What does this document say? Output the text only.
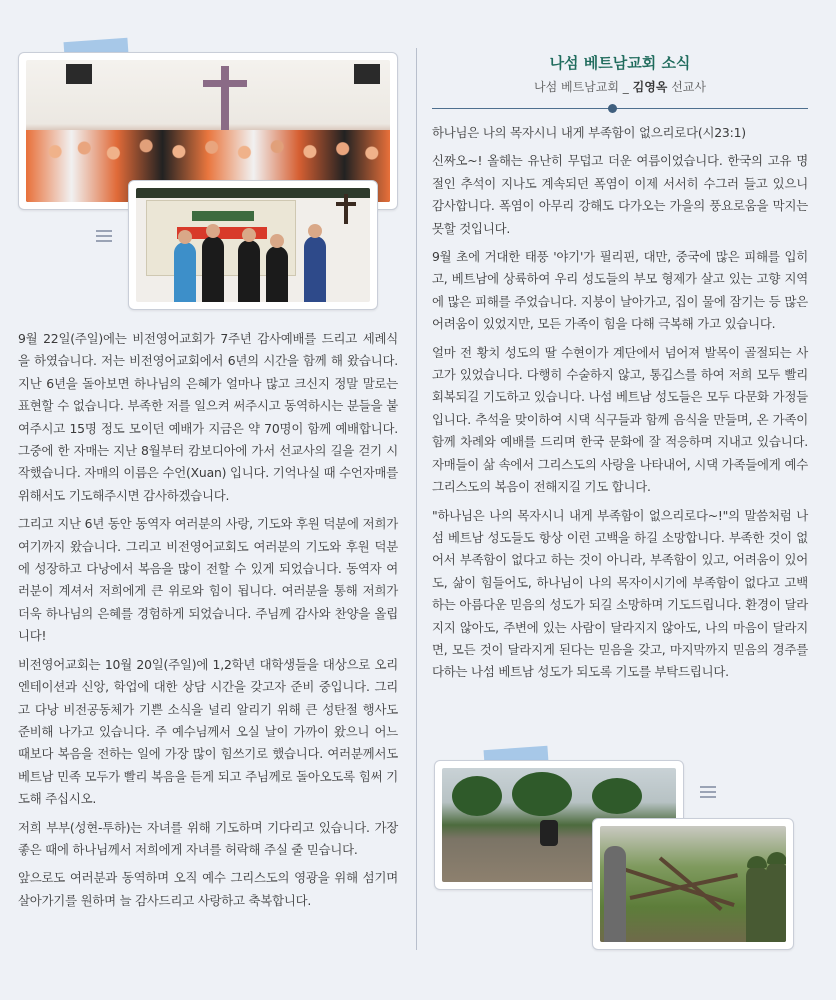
9월 22일(주일)에는 비전영어교회가 7주년 감사예배를 드리고 세례식을 하였습니다. 저는 비전영어교회에서 6년의 시간을 함께 해 왔습니다. 지난 6년을 돌아보면 하나님의 은혜가 얼마나 많고 크신지 정말 말로는 표현할 수 없습니다. 부족한 저를 일으켜 써주시고 동역하시는 분들을 붙여주시고 15명 정도 모이던 예배가 지금은 약 70명이 함께 예배합니다. 그중에 한 자매는 지난 8월부터 캄보디아에 가서 선교사의 길을 걷기 시작했습니다. 자매의 이름은 수언(Xuan) 입니다. 기억나실 때 수언자매를 위해서도 기도해주시면 감사하겠습니다.

그리고 지난 6년 동안 동역자 여러분의 사랑, 기도와 후원 덕분에 저희가 여기까지 왔습니다. 그리고 비전영어교회도 여러분의 기도와 후원 덕분에 성장하고 다낭에서 복음을 많이 전할 수 있게 되었습니다. 동역자 여러분이 계셔서 저희에게 큰 위로와 힘이 됩니다. 여러분을 통해 저희가 더욱 하나님의 은혜를 경험하게 되었습니다. 주님께 감사와 찬양을 올립니다!

비전영어교회는 10월 20일(주일)에 1,2학년 대학생들을 대상으로 오리엔테이션과 신앙, 학업에 대한 상담 시간을 갖고자 준비 중입니다. 그리고 다낭 비전공동체가 기쁜 소식을 널리 알리기 위해 큰 성탄절 행사도 준비해 나가고 있습니다. 주 예수님께서 오실 날이 가까이 왔으니 어느 때보다 복음을 전하는 일에 가장 많이 힘쓰기로 했습니다. 여러분께서도 베트남 민족 모두가 빨리 복음을 듣게 되고 주님께로 돌아오도록 힘써 기도해 주십시오.

저희 부부(성현-투하)는 자녀를 위해 기도하며 기다리고 있습니다. 가장 좋은 때에 하나님께서 저희에게 자녀를 허락해 주실 줄 믿습니다.

앞으로도 여러분과 동역하며 오직 예수 그리스도의 영광을 위해 섬기며 살아가기를 원하며 늘 감사드리고 사랑하고 축복합니다.

나섬 베트남교회 소식
나섬 베트남교회 _ 김영옥 선교사

하나님은 나의 목자시니 내게 부족함이 없으리로다(시23:1)

신짜오~! 올해는 유난히 무덥고 더운 여름이었습니다. 한국의 고유 명절인 추석이 지나도 계속되던 폭염이 이제 서서히 수그러 들고 있으니 감사합니다. 폭염이 아무리 강해도 다가오는 가을의 풍요로움을 막지는 못할 것입니다.

9월 초에 거대한 태풍 '야기'가 필리핀, 대만, 중국에 많은 피해를 입히고, 베트남에 상륙하여 우리 성도들의 부모 형제가 살고 있는 고향 지역에 많은 피해를 주었습니다. 지붕이 날아가고, 집이 물에 잠기는 등 많은 어려움이 있었지만, 모든 가족이 힘을 다해 극복해 가고 있습니다.

얼마 전 황치 성도의 딸 수현이가 계단에서 넘어져 발목이 골절되는 사고가 있었습니다. 다행히 수술하지 않고, 통깁스를 하여 저희 모두 빨리 회복되길 기도하고 있습니다. 나섬 베트남 성도들은 모두 다문화 가정들입니다. 추석을 맞이하여 시댁 식구들과 함께 음식을 만들며, 온 가족이 함께 차례와 예배를 드리며 한국 문화에 잘 적응하며 지내고 있습니다. 자매들이 삶 속에서 그리스도의 사랑을 나타내어, 시댁 가족들에게 예수 그리스도의 복음이 전해지길 기도 합니다.

"하나님은 나의 목자시니 내게 부족함이 없으리로다~!"의 말씀처럼 나섬 베트남 성도들도 항상 이런 고백을 하길 소망합니다. 부족한 것이 없어서 부족함이 없다고 하는 것이 아니라, 부족함이 있고, 어려움이 있어도, 삶이 힘들어도, 하나님이 나의 목자이시기에 부족함이 없다고 고백하는 아름다운 믿음의 성도가 되길 소망하며 기도드립니다. 환경이 달라지지 않아도, 주변에 있는 사람이 달라지지 않아도, 나의 마음이 달라지면, 모든 것이 달라지게 된다는 믿음을 갖고, 마지막까지 믿음의 경주를 다하는 나섬 베트남 성도가 되도록 기도를 부탁드립니다.
